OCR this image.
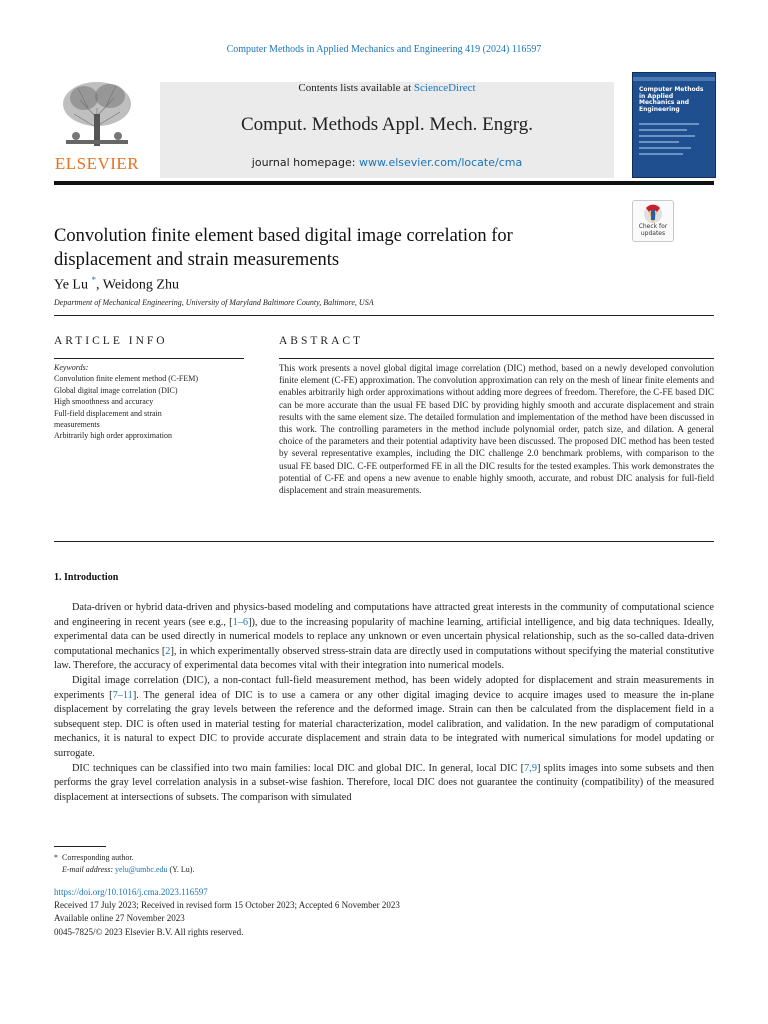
Computer Methods in Applied Mechanics and Engineering 419 (2024) 116597
ELSEVIER
Contents lists available at ScienceDirect
Comput. Methods Appl. Mech. Engrg.
journal homepage: www.elsevier.com/locate/cma
Computer Methods in Applied Mechanics and Engineering
Check for
updates
Convolution finite element based digital image correlation for displacement and strain measurements
Ye Lu *, Weidong Zhu
Department of Mechanical Engineering, University of Maryland Baltimore County, Baltimore, USA
ARTICLE INFO	ABSTRACT
Keywords:
Convolution finite element method (C-FEM)
Global digital image correlation (DIC)
High smoothness and accuracy
Full-field displacement and strain measurements
Arbitrarily high order approximation
This work presents a novel global digital image correlation (DIC) method, based on a newly developed convolution finite element (C-FE) approximation. The convolution approximation can rely on the mesh of linear finite elements and enables arbitrarily high order approximations without adding more degrees of freedom. Therefore, the C-FE based DIC can be more accurate than the usual FE based DIC by providing highly smooth and accurate displacement and strain results with the same element size. The detailed formulation and implementation of the method have been discussed in this work. The controlling parameters in the method include polynomial order, patch size, and dilation. A general choice of the parameters and their potential adaptivity have been discussed. The proposed DIC method has been tested by several representative examples, including the DIC challenge 2.0 benchmark problems, with comparison to the usual FE based DIC. C-FE outperformed FE in all the DIC results for the tested examples. This work demonstrates the potential of C-FE and opens a new avenue to enable highly smooth, accurate, and robust DIC analysis for full-field displacement and strain measurements.
1. Introduction

Data-driven or hybrid data-driven and physics-based modeling and computations have attracted great interests in the community of computational science and engineering in recent years (see e.g., [1–6]), due to the increasing popularity of machine learning, artificial intelligence, and big data techniques. Ideally, experimental data can be used directly in numerical models to replace any unknown or even uncertain physical relationship, such as the so-called data-driven computational mechanics [2], in which experimentally observed stress-strain data are directly used in computations without specifying the material constitutive law. Therefore, the accuracy of experimental data becomes vital with their integration into numerical models.

Digital image correlation (DIC), a non-contact full-field measurement method, has been widely adopted for displacement and strain measurements in experiments [7–11]. The general idea of DIC is to use a camera or any other digital imaging device to acquire images used to measure the in-plane displacement by correlating the gray levels between the reference and the deformed image. Strain can then be calculated from the displacement field in a subsequent step. DIC is often used in material testing for material characterization, model calibration, and validation. In the new paradigm of computational mechanics, it is natural to expect DIC to provide accurate displacement and strain data to be integrated with numerical simulations for model updating or surrogate.

DIC techniques can be classified into two main families: local DIC and global DIC. In general, local DIC [7,9] splits images into some subsets and then performs the gray level correlation analysis in a subset-wise fashion. Therefore, local DIC does not guarantee the continuity (compatibility) of the measured displacement at intersections of subsets. The comparison with simulated

* Corresponding author.
E-mail address: yelu@umbc.edu (Y. Lu).
https://doi.org/10.1016/j.cma.2023.116597
Received 17 July 2023; Received in revised form 15 October 2023; Accepted 6 November 2023
Available online 27 November 2023
0045-7825/© 2023 Elsevier B.V. All rights reserved.
